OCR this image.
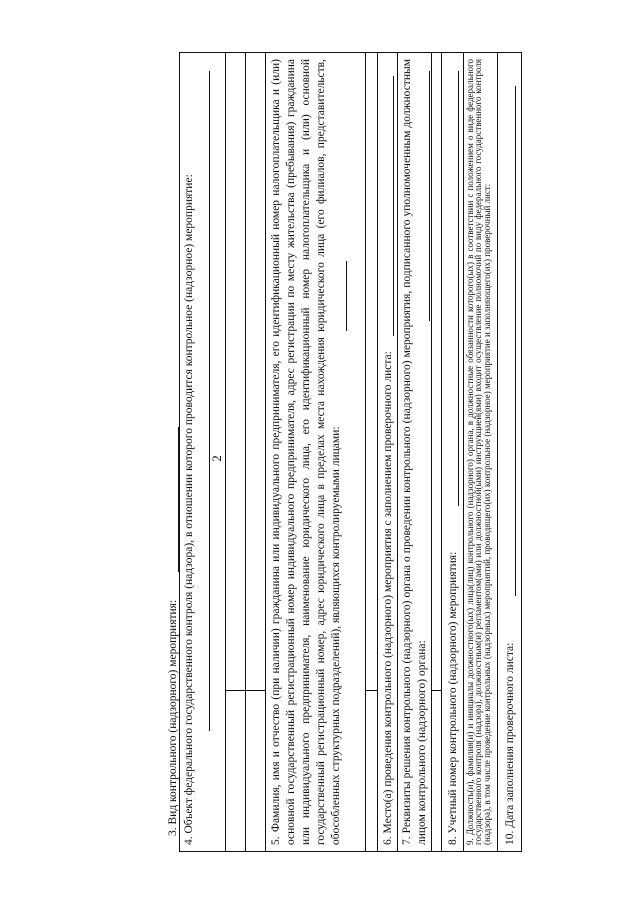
2
3. Вид контрольного (надзорного) мероприятия: 4. Объект федерального государственного контроля (надзора), в отношении которого проводится контрольное (надзорное) мероприятие:	5. Фамилия, имя и отчество (при наличии) гражданина или индивидуального предпринимателя, его идентификационный номер налогоплательщика и (или) основной государственный регистрационный номер индивидуального предпринимателя, адрес регистрации по месту жительства (пребывания) гражданина или индивидуального предпринимателя, наименование юридического лица, его идентификационный номер налогоплательщика и (или) основной государственный регистрационный номер, адрес юридического лица в пределах места нахождения юридического лица (его филиалов, представительств, обособленных структурных подразделений), являющихся контролируемыми лицами:	6. Место(а) проведения контрольного (надзорного) мероприятия с заполнением проверочного листа: 7. Реквизиты решения контрольного (надзорного) органа о проведении контрольного (надзорного) мероприятия, подписанного уполномоченным должностным лицом контрольного (надзорного) органа: 8. Учетный номер контрольного (надзорного) мероприятия: 9. Должность(и), фамилия(и) и инициалы должностного(ых) лица(лиц) контрольного (надзорного) органа, в должностные обязанности которого(ых) в соответствии с положением о виде федерального государственного контроля (надзора), должностным(и) регламентом(ами) или должностной(ыми) инструкцией(ями) входит осуществление полномочий по виду федерального государственного контроля (надзора), в том числе проведение контрольных (надзорных) мероприятий, проводящего(их) контрольное (надзорное) мероприятие и заполняющего(их) проверочный лист: 10. Дата заполнения проверочного листа:
